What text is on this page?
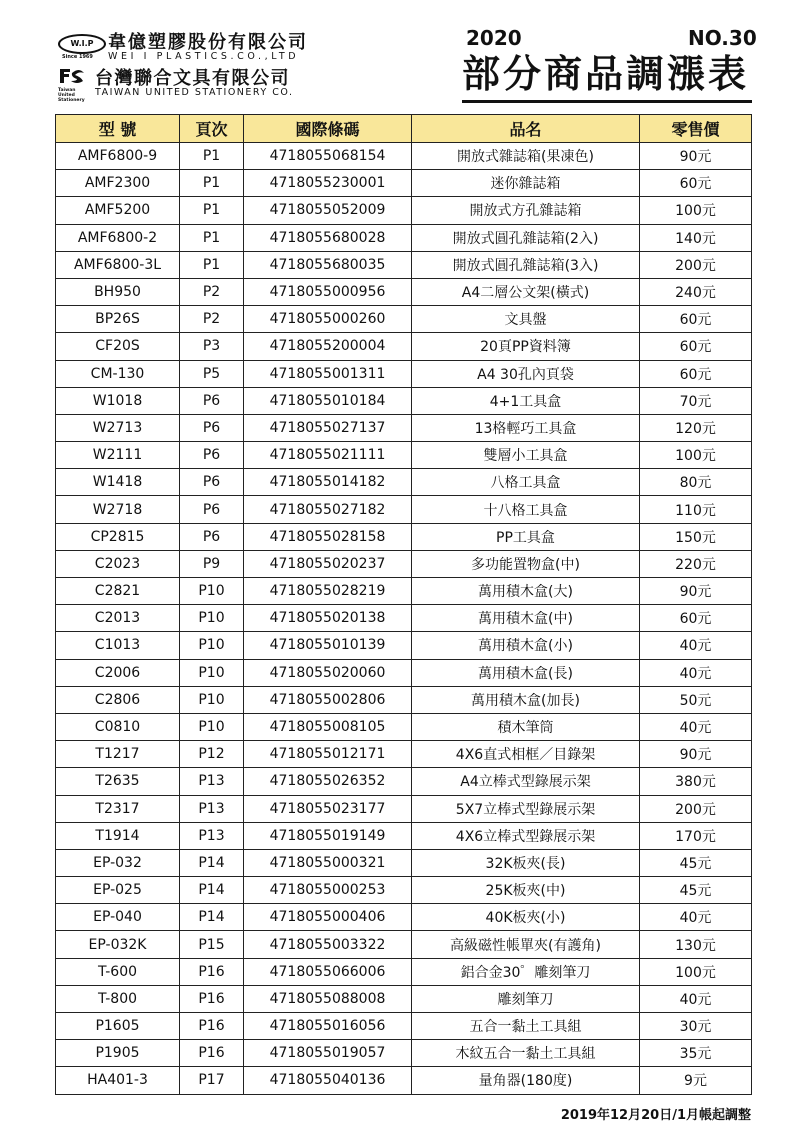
W.I.P
Since 1969
韋億塑膠股份有限公司
WEI I PLASTICS.CO.,LTD
Taiwan United Stationery
台灣聯合文具有限公司
TAIWAN UNITED STATIONERY CO.
2020	NO.30
部分商品調漲表
型 號	頁次	國際條碼	品名	零售價
AMF6800-9	P1	4718055068154	開放式雜誌箱(果凍色)	90元
AMF2300	P1	4718055230001	迷你雜誌箱	60元
AMF5200	P1	4718055052009	開放式方孔雜誌箱	100元
AMF6800-2	P1	4718055680028	開放式圓孔雜誌箱(2入)	140元
AMF6800-3L	P1	4718055680035	開放式圓孔雜誌箱(3入)	200元
BH950	P2	4718055000956	A4二層公文架(橫式)	240元
BP26S	P2	4718055000260	文具盤	60元
CF20S	P3	4718055200004	20頁PP資料簿	60元
CM-130	P5	4718055001311	A4 30孔內頁袋	60元
W1018	P6	4718055010184	4+1工具盒	70元
W2713	P6	4718055027137	13格輕巧工具盒	120元
W2111	P6	4718055021111	雙層小工具盒	100元
W1418	P6	4718055014182	八格工具盒	80元
W2718	P6	4718055027182	十八格工具盒	110元
CP2815	P6	4718055028158	PP工具盒	150元
C2023	P9	4718055020237	多功能置物盒(中)	220元
C2821	P10	4718055028219	萬用積木盒(大)	90元
C2013	P10	4718055020138	萬用積木盒(中)	60元
C1013	P10	4718055010139	萬用積木盒(小)	40元
C2006	P10	4718055020060	萬用積木盒(長)	40元
C2806	P10	4718055002806	萬用積木盒(加長)	50元
C0810	P10	4718055008105	積木筆筒	40元
T1217	P12	4718055012171	4X6直式相框／目錄架	90元
T2635	P13	4718055026352	A4立棒式型錄展示架	380元
T2317	P13	4718055023177	5X7立棒式型錄展示架	200元
T1914	P13	4718055019149	4X6立棒式型錄展示架	170元
EP-032	P14	4718055000321	32K板夾(長)	45元
EP-025	P14	4718055000253	25K板夾(中)	45元
EP-040	P14	4718055000406	40K板夾(小)	40元
EP-032K	P15	4718055003322	高級磁性帳單夾(有護角)	130元
T-600	P16	4718055066006	鋁合金30゜雕刻筆刀	100元
T-800	P16	4718055088008	雕刻筆刀	40元
P1605	P16	4718055016056	五合一黏土工具組	30元
P1905	P16	4718055019057	木紋五合一黏土工具組	35元
HA401-3	P17	4718055040136	量角器(180度)	9元
2019年12月20日/1月帳起調整
